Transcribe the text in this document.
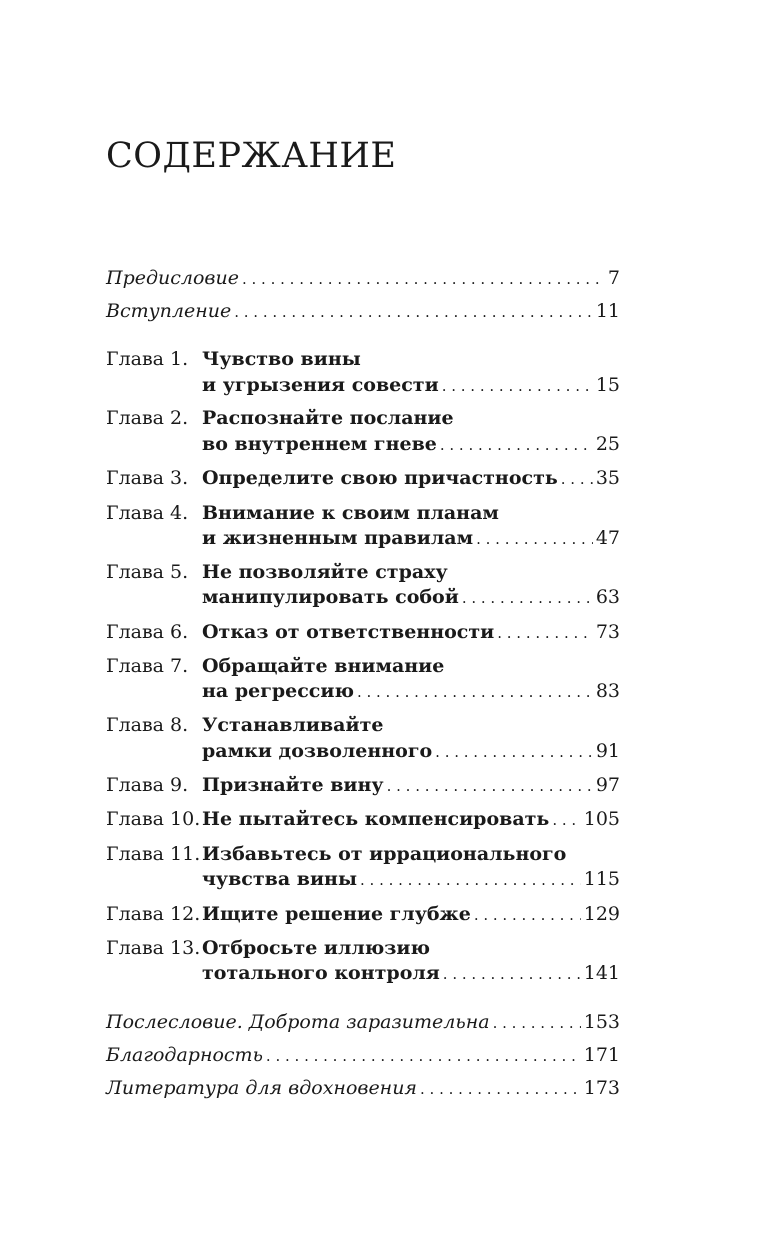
СОДЕРЖАНИЕ
Предисловие . . .	7
Вступление . . .	11
Глава 1. Чувство вины
и угрызения совести . . .	15
Глава 2. Распознайте послание
во внутреннем гневе . . .	25
Глава 3. Определите свою причастность . . . 35
Глава 4. Внимание к своим планам
и жизненным правилам . . .	47
Глава 5. Не позволяйте страху
манипулировать собой . . .	63
Глава 6. Отказ от ответственности . . .	73
Глава 7. Обращайте внимание
на регрессию . . .	83
Глава 8. Устанавливайте
рамки дозволенного . . .	91
Глава 9. Признайте вину . . .	97
Глава 10. Не пытайтесь компенсировать . . . 105
Глава 11. Избавьтесь от иррационального
чувства вины . . .	115
Глава 12. Ищите решение глубже . . .	129
Глава 13. Отбросьте иллюзию
тотального контроля . . .	141
Послесловие. Доброта заразительна . . .	153
Благодарность . . .	171
Литература для вдохновения . . .	173
